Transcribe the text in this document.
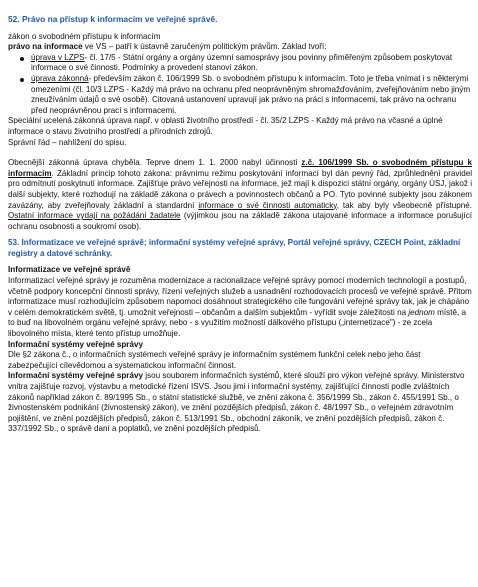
52. Právo na přístup k informacím ve veřejné správě.

zákon o svobodném přístupu k informacím

právo na informace ve VS – patří k ústavně zaručeným politickým právům. Základ tvoří:

úprava v LZPS- čl. 17/5 - Státní orgány a orgány územní samosprávy jsou povinny přiměřeným způsobem poskytovat informace o své činnosti. Podmínky a provedení stanoví zákon.
úprava zákonná- především zákon č. 106/1999 Sb. o svobodném přístupu k informacím. Toto je třeba vnímat i s některými omezeními (čl. 10/3 LZPS - Každý má právo na ochranu před neoprávněným shromažďováním, zveřejňováním nebo jiným zneužíváním údajů o své osobě). Citovaná ustanovení upravují jak právo na práci s informacemi, tak právo na ochranu před neoprávněnou prací s informacemi.

Speciální ucelená zákonná úprava např. v oblasti životního prostředí - čl. 35/2 LZPS - Každý má právo na včasné a úplné informace o stavu životního prostředí a přírodních zdrojů.

Správní řád – nahlížení do spisu.

Obecnější zákonná úprava chyběla. Teprve dnem 1. 1. 2000 nabyl účinnosti z.č. 106/1999 Sb. o svobodném přístupu k informacím. Základní princip tohoto zákona: právnímu režimu poskytování informací byl dán pevný řád, zprůhlednění pravidel pro odmítnutí poskytnutí informace. Zajišťuje právo veřejnosti na informace, jež mají k dispozici státní orgány, orgány ÚSJ, jakož i další subjekty, které rozhodují na základě zákona o právech a povinnostech občanů a PO. Tyto povinné subjekty jsou zákonem zavázány, aby zveřejňovaly základní a standardní informace o své činnosti automaticky, tak aby byly všeobecně přístupné. Ostatní informace vydají na požádání žadatele (výjimkou jsou na základě zákona utajované informace a informace porušující ochranu osobnosti a soukromí osob).

53. Informatizace ve veřejné správě; informační systémy veřejné správy, Portál veřejné správy, CZECH Point, základní registry a datové schránky.

Informatizace ve veřejné správě

Informatizací veřejné správy je rozuměna modernizace a racionalizace veřejné správy pomocí moderních technologií a postupů, včetně podpory koncepční činnosti správy, řízení veřejných služeb a usnadnění rozhodovacích procesů ve veřejné správě. Přitom informatizace musí rozhodujícím způsobem napomoci dosáhnout strategického cíle fungování veřejné správy tak, jak je chápáno v celém demokratickém světě, tj. umožnit veřejnosti – občanům a dalším subjektům - vyřídit svoje záležitosti na jednom místě, a to buď na libovolném orgánu veřejné správy, nebo - s využitím možností dálkového přístupu („internetizace") - ze zcela libovolného místa, které tento přístup umožňuje.

Informační systémy veřejné správy

Dle §2 zákona č., o informačních systémech veřejné správy je informačním systémem funkční celek nebo jeho část zabezpečující cílevědomou a systematickou informační činnost.

Informační systémy veřejné správy jsou souborem informačních systémů, které slouží pro výkon veřejné správy. Ministerstvo vnitra zajišťuje rozvoj, výstavbu a metodické řízení ISVS. Jsou jimi i informační systémy, zajišťující činnosti podle zvláštních zákonů například zákon č. 89/1995 Sb., o státní statistické službě, ve znění zákona č. 356/1999 Sb., zákon č. 455/1991 Sb., o živnostenském podnikání (živnostenský zákon), ve znění pozdějších předpisů, zákon č. 48/1997 Sb., o veřejném zdravotním pojištění, ve znění pozdějších předpisů, zákon č. 513/1991 Sb., obchodní zákoník, ve znění pozdějších předpisů, zákon č. 337/1992 Sb., o správě daní a poplatků, ve znění pozdějších předpisů.
